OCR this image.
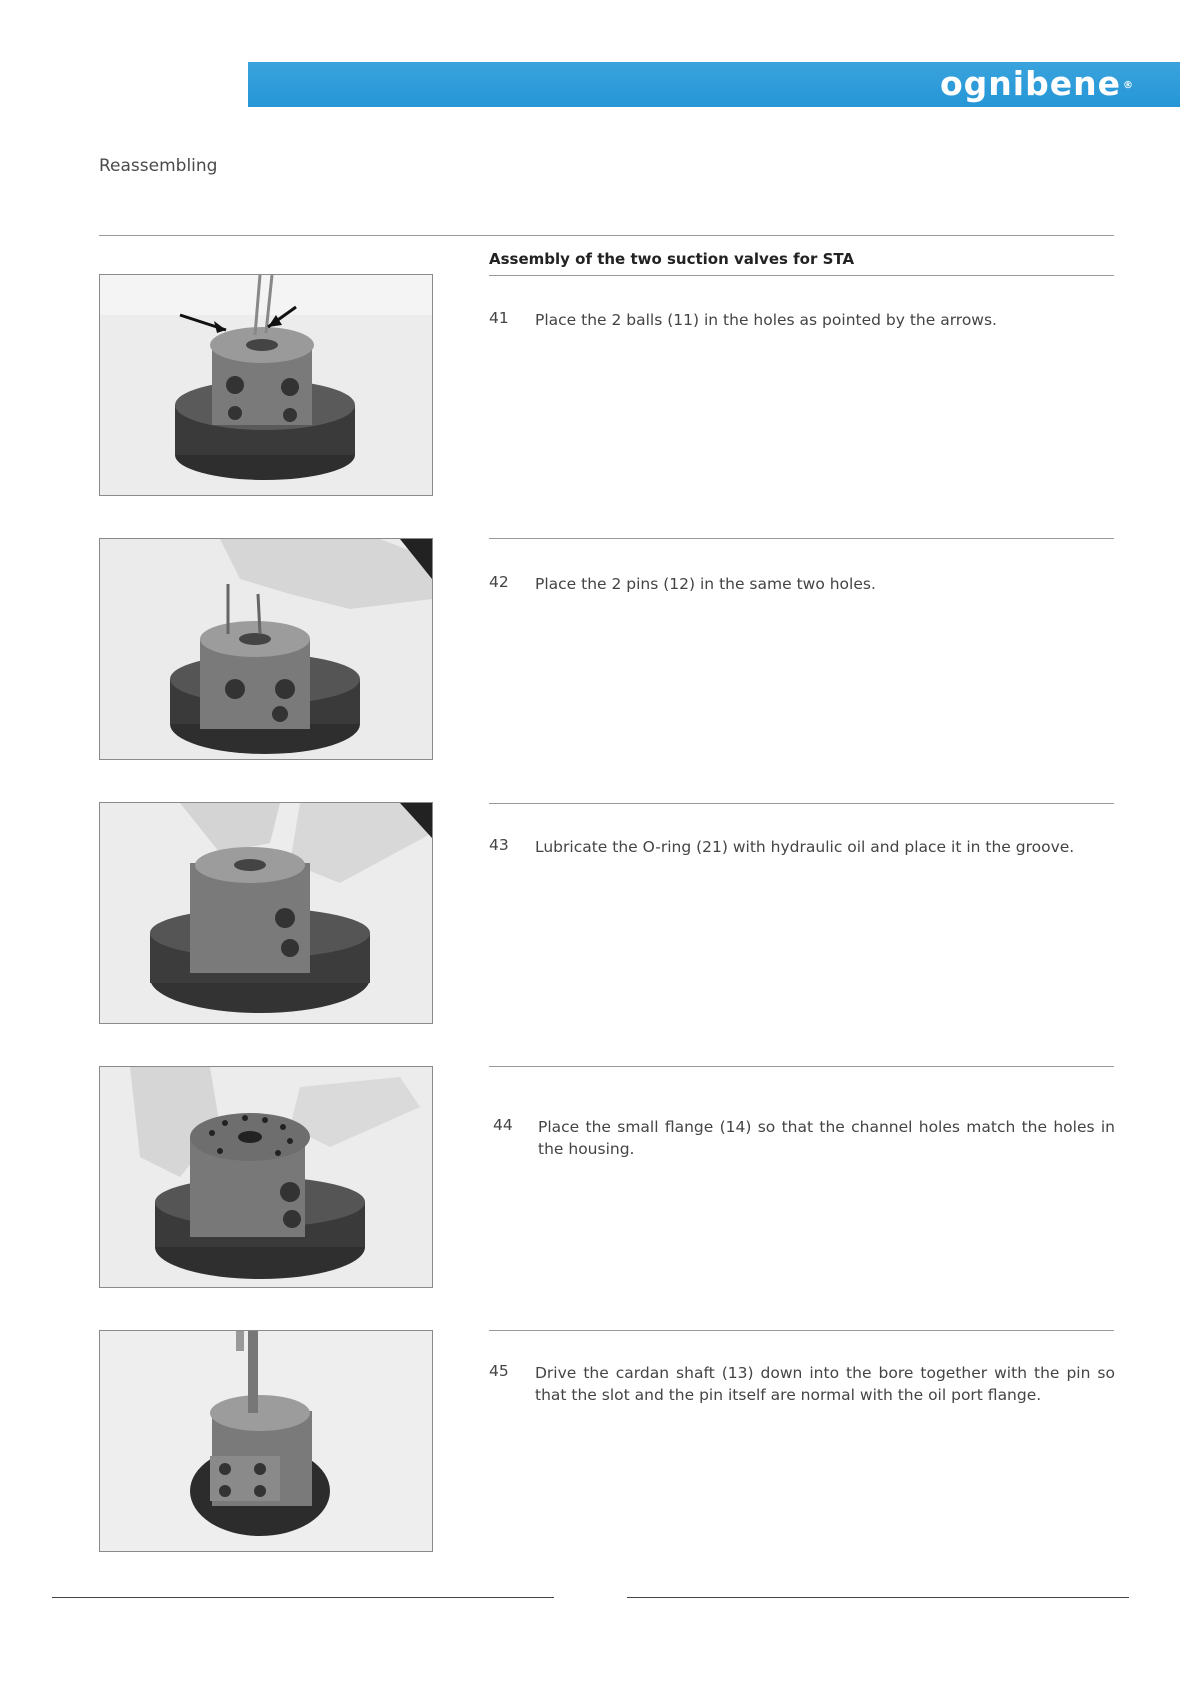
ognibene ®
Reassembling
Assembly of the two suction valves for STA
41 Place the 2 balls (11) in the holes as pointed by the arrows.
42 Place the 2 pins (12) in the same two holes.
43 Lubricate the O-ring (21) with hydraulic oil and place it in the groove.
44 Place the small flange (14) so that the channel holes match the holes in the housing.
45 Drive the cardan shaft (13) down into the bore together with the pin so that the slot and the pin itself are normal with the oil port flange.
